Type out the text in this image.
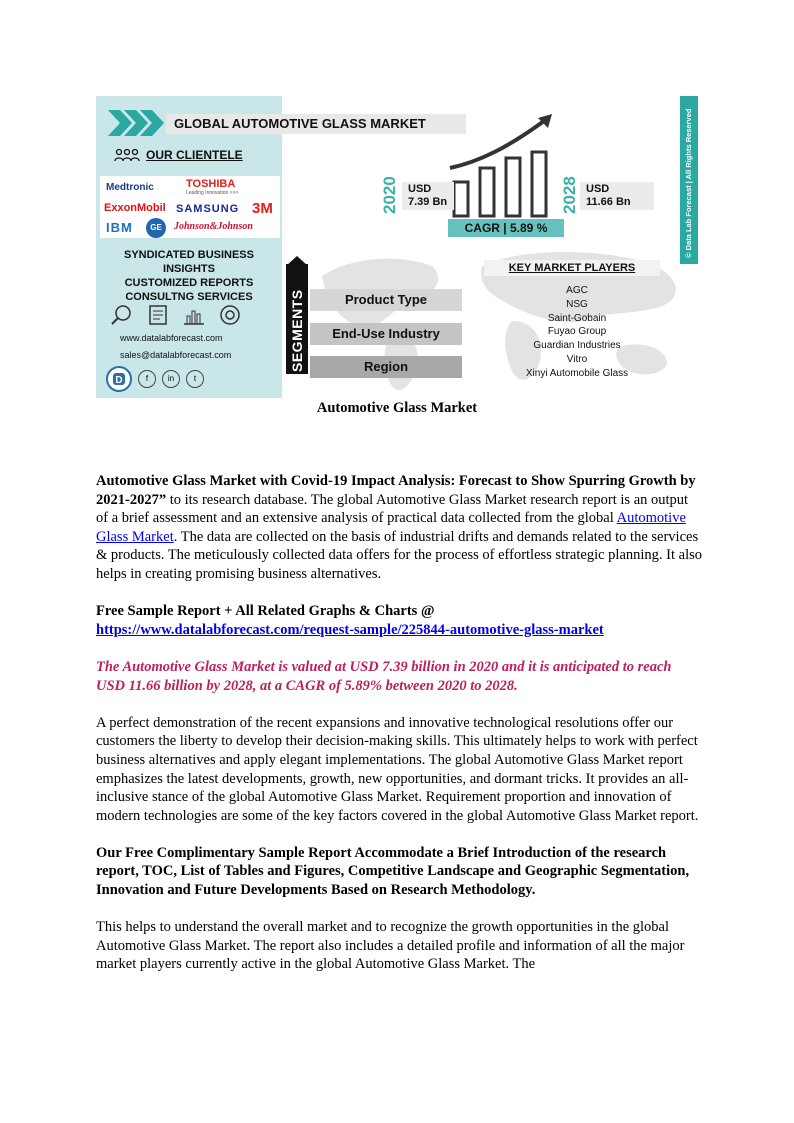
GLOBAL AUTOMOTIVE GLASS MARKET
OUR CLIENTELE
Medtronic	TOSHIBA
Leading Innovation >>>
ExxonMobil SAMSUNG 3M
IBM	GE	Johnson&Johnson
SYNDICATED BUSINESS
INSIGHTS
CUSTOMIZED REPORTS
CONSULTNG SERVICES
www.datalabforecast.com
sales@datalabforecast.com
D	f	in	t
SEGMENTS	Product Type
End-Use Industry
Region
2020	2028
USD
7.39 Bn
USD
11.66 Bn
CAGR | 5.89 %
KEY MARKET PLAYERS
AGC
NSG
Saint-Gobain
Fuyao Group
Guardian Industries
Vitro
Xinyi Automobile Glass
© Data Lab Forecast | All Rights Reserved
Automotive Glass Market

Automotive Glass Market with Covid-19 Impact Analysis: Forecast to Show Spurring Growth by 2021-2027” to its research database. The global Automotive Glass Market research report is an output of a brief assessment and an extensive analysis of practical data collected from the global Automotive Glass Market. The data are collected on the basis of industrial drifts and demands related to the services & products. The meticulously collected data offers for the process of effortless strategic planning. It also helps in creating promising business alternatives.

Free Sample Report + All Related Graphs & Charts @
https://www.datalabforecast.com/request-sample/225844-automotive-glass-market

The Automotive Glass Market is valued at USD 7.39 billion in 2020 and it is anticipated to reach USD 11.66 billion by 2028, at a CAGR of 5.89% between 2020 to 2028.

A perfect demonstration of the recent expansions and innovative technological resolutions offer our customers the liberty to develop their decision-making skills. This ultimately helps to work with perfect business alternatives and apply elegant implementations. The global Automotive Glass Market report emphasizes the latest developments, growth, new opportunities, and dormant tricks. It provides an all-inclusive stance of the global Automotive Glass Market. Requirement proportion and innovation of modern technologies are some of the key factors covered in the global Automotive Glass Market report.

Our Free Complimentary Sample Report Accommodate a Brief Introduction of the research report, TOC, List of Tables and Figures, Competitive Landscape and Geographic Segmentation, Innovation and Future Developments Based on Research Methodology.

This helps to understand the overall market and to recognize the growth opportunities in the global Automotive Glass Market. The report also includes a detailed profile and information of all the major market players currently active in the global Automotive Glass Market. The
